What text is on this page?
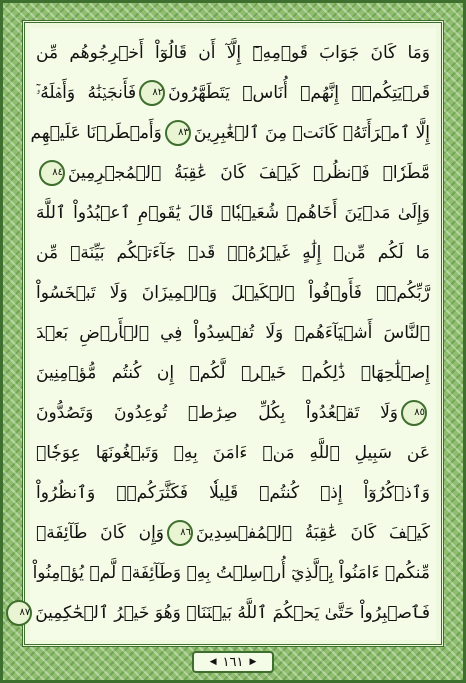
وَمَا كَانَ جَوَابَ قَوۡمِهِۦٓ إِلَّآ أَن قَالُوٓاْ أَخۡرِجُوهُم مِّن
قَرۡيَتِكُمۡۖ إِنَّهُمۡ أُنَاسٞ يَتَطَهَّرُونَ٨٢فَأَنجَيۡنَٰهُ وَأَهۡلَهُۥٓ
إِلَّا ٱمۡرَأَتَهُۥ كَانَتۡ مِنَ ٱلۡغَٰبِرِينَ٨٣وَأَمۡطَرۡنَا عَلَيۡهِم
مَّطَرٗاۖ فَٱنظُرۡ كَيۡفَ كَانَ عَٰقِبَةُ ٱلۡمُجۡرِمِينَ٨٤
وَإِلَىٰ مَدۡيَنَ أَخَاهُمۡ شُعَيۡبٗاۚ قَالَ يَٰقَوۡمِ ٱعۡبُدُواْ ٱللَّهَ
مَا لَكُم مِّنۡ إِلَٰهٍ غَيۡرُهُۥۖ قَدۡ جَآءَتۡكُم بَيِّنَةٞ مِّن
رَّبِّكُمۡۖ فَأَوۡفُواْ ٱلۡكَيۡلَ وَٱلۡمِيزَانَ وَلَا تَبۡخَسُواْ
ٱلنَّاسَ أَشۡيَآءَهُمۡ وَلَا تُفۡسِدُواْ فِي ٱلۡأَرۡضِ بَعۡدَ
إِصۡلَٰحِهَاۚ ذَٰلِكُمۡ خَيۡرٞ لَّكُمۡ إِن كُنتُم مُّؤۡمِنِينَ
٨٥وَلَا تَقۡعُدُواْ بِكُلِّ صِرَٰطٖ تُوعِدُونَ وَتَصُدُّونَ
عَن سَبِيلِ ٱللَّهِ مَنۡ ءَامَنَ بِهِۦ وَتَبۡغُونَهَا عِوَجٗاۚ
وَٱذۡكُرُوٓاْ إِذۡ كُنتُمۡ قَلِيلٗا فَكَثَّرَكُمۡۖ وَٱنظُرُواْ
كَيۡفَ كَانَ عَٰقِبَةُ ٱلۡمُفۡسِدِينَ٨٦وَإِن كَانَ طَآئِفَةٞ
مِّنكُمۡ ءَامَنُواْ بِٱلَّذِيٓ أُرۡسِلۡتُ بِهِۦ وَطَآئِفَةٞ لَّمۡ يُؤۡمِنُواْ
فَٱصۡبِرُواْ حَتَّىٰ يَحۡكُمَ ٱللَّهُ بَيۡنَنَاۚ وَهُوَ خَيۡرُ ٱلۡحَٰكِمِينَ٨٧
◀ ١٦١ ▶
